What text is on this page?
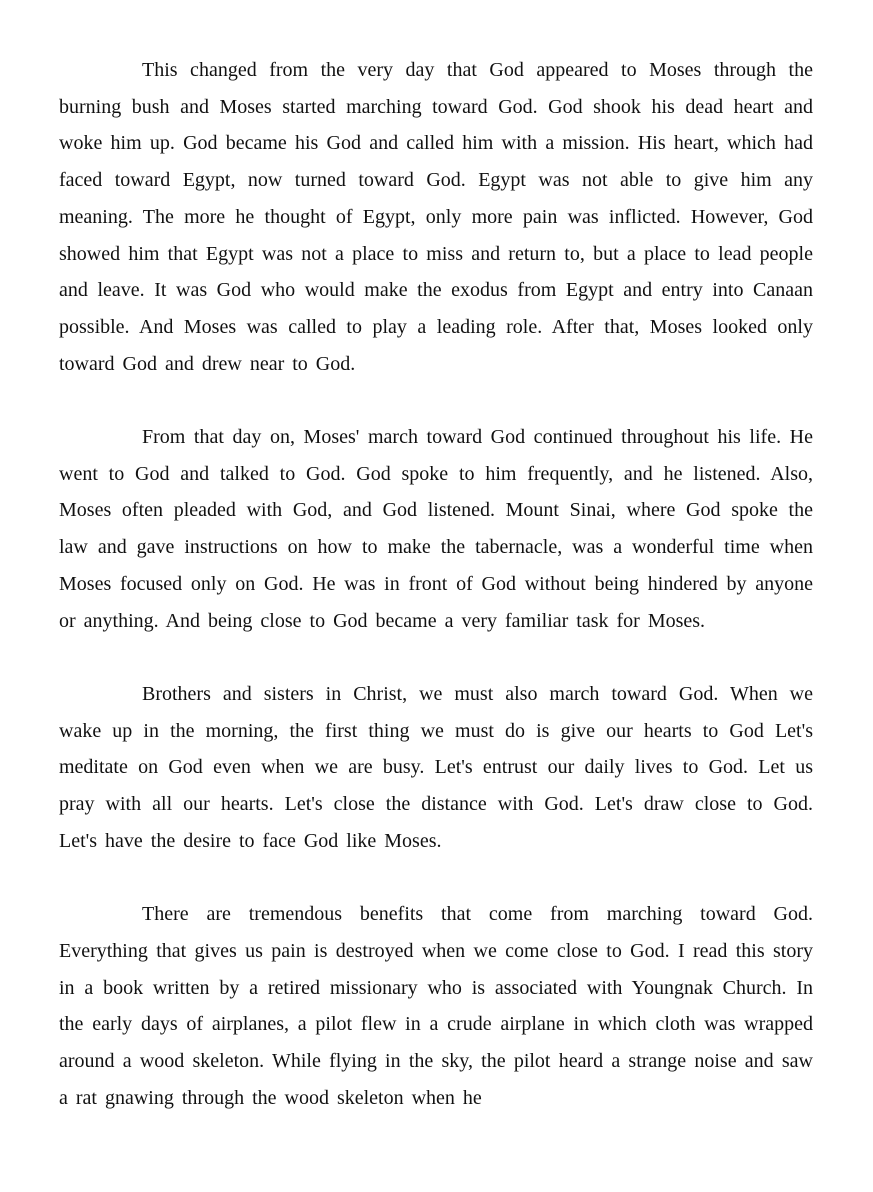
This changed from the very day that God appeared to Moses through the burning bush and Moses started marching toward God. God shook his dead heart and woke him up. God became his God and called him with a mission. His heart, which had faced toward Egypt, now turned toward God. Egypt was not able to give him any meaning. The more he thought of Egypt, only more pain was inflicted. However, God showed him that Egypt was not a place to miss and return to, but a place to lead people and leave. It was God who would make the exodus from Egypt and entry into Canaan possible. And Moses was called to play a leading role. After that, Moses looked only toward God and drew near to God.

From that day on, Moses' march toward God continued throughout his life. He went to God and talked to God. God spoke to him frequently, and he listened. Also, Moses often pleaded with God, and God listened. Mount Sinai, where God spoke the law and gave instructions on how to make the tabernacle, was a wonderful time when Moses focused only on God. He was in front of God without being hindered by anyone or anything. And being close to God became a very familiar task for Moses.

Brothers and sisters in Christ, we must also march toward God. When we wake up in the morning, the first thing we must do is give our hearts to God Let's meditate on God even when we are busy. Let's entrust our daily lives to God. Let us pray with all our hearts. Let's close the distance with God. Let's draw close to God. Let's have the desire to face God like Moses.

There are tremendous benefits that come from marching toward God. Everything that gives us pain is destroyed when we come close to God. I read this story in a book written by a retired missionary who is associated with Youngnak Church. In the early days of airplanes, a pilot flew in a crude airplane in which cloth was wrapped around a wood skeleton. While flying in the sky, the pilot heard a strange noise and saw a rat gnawing through the wood skeleton when he
